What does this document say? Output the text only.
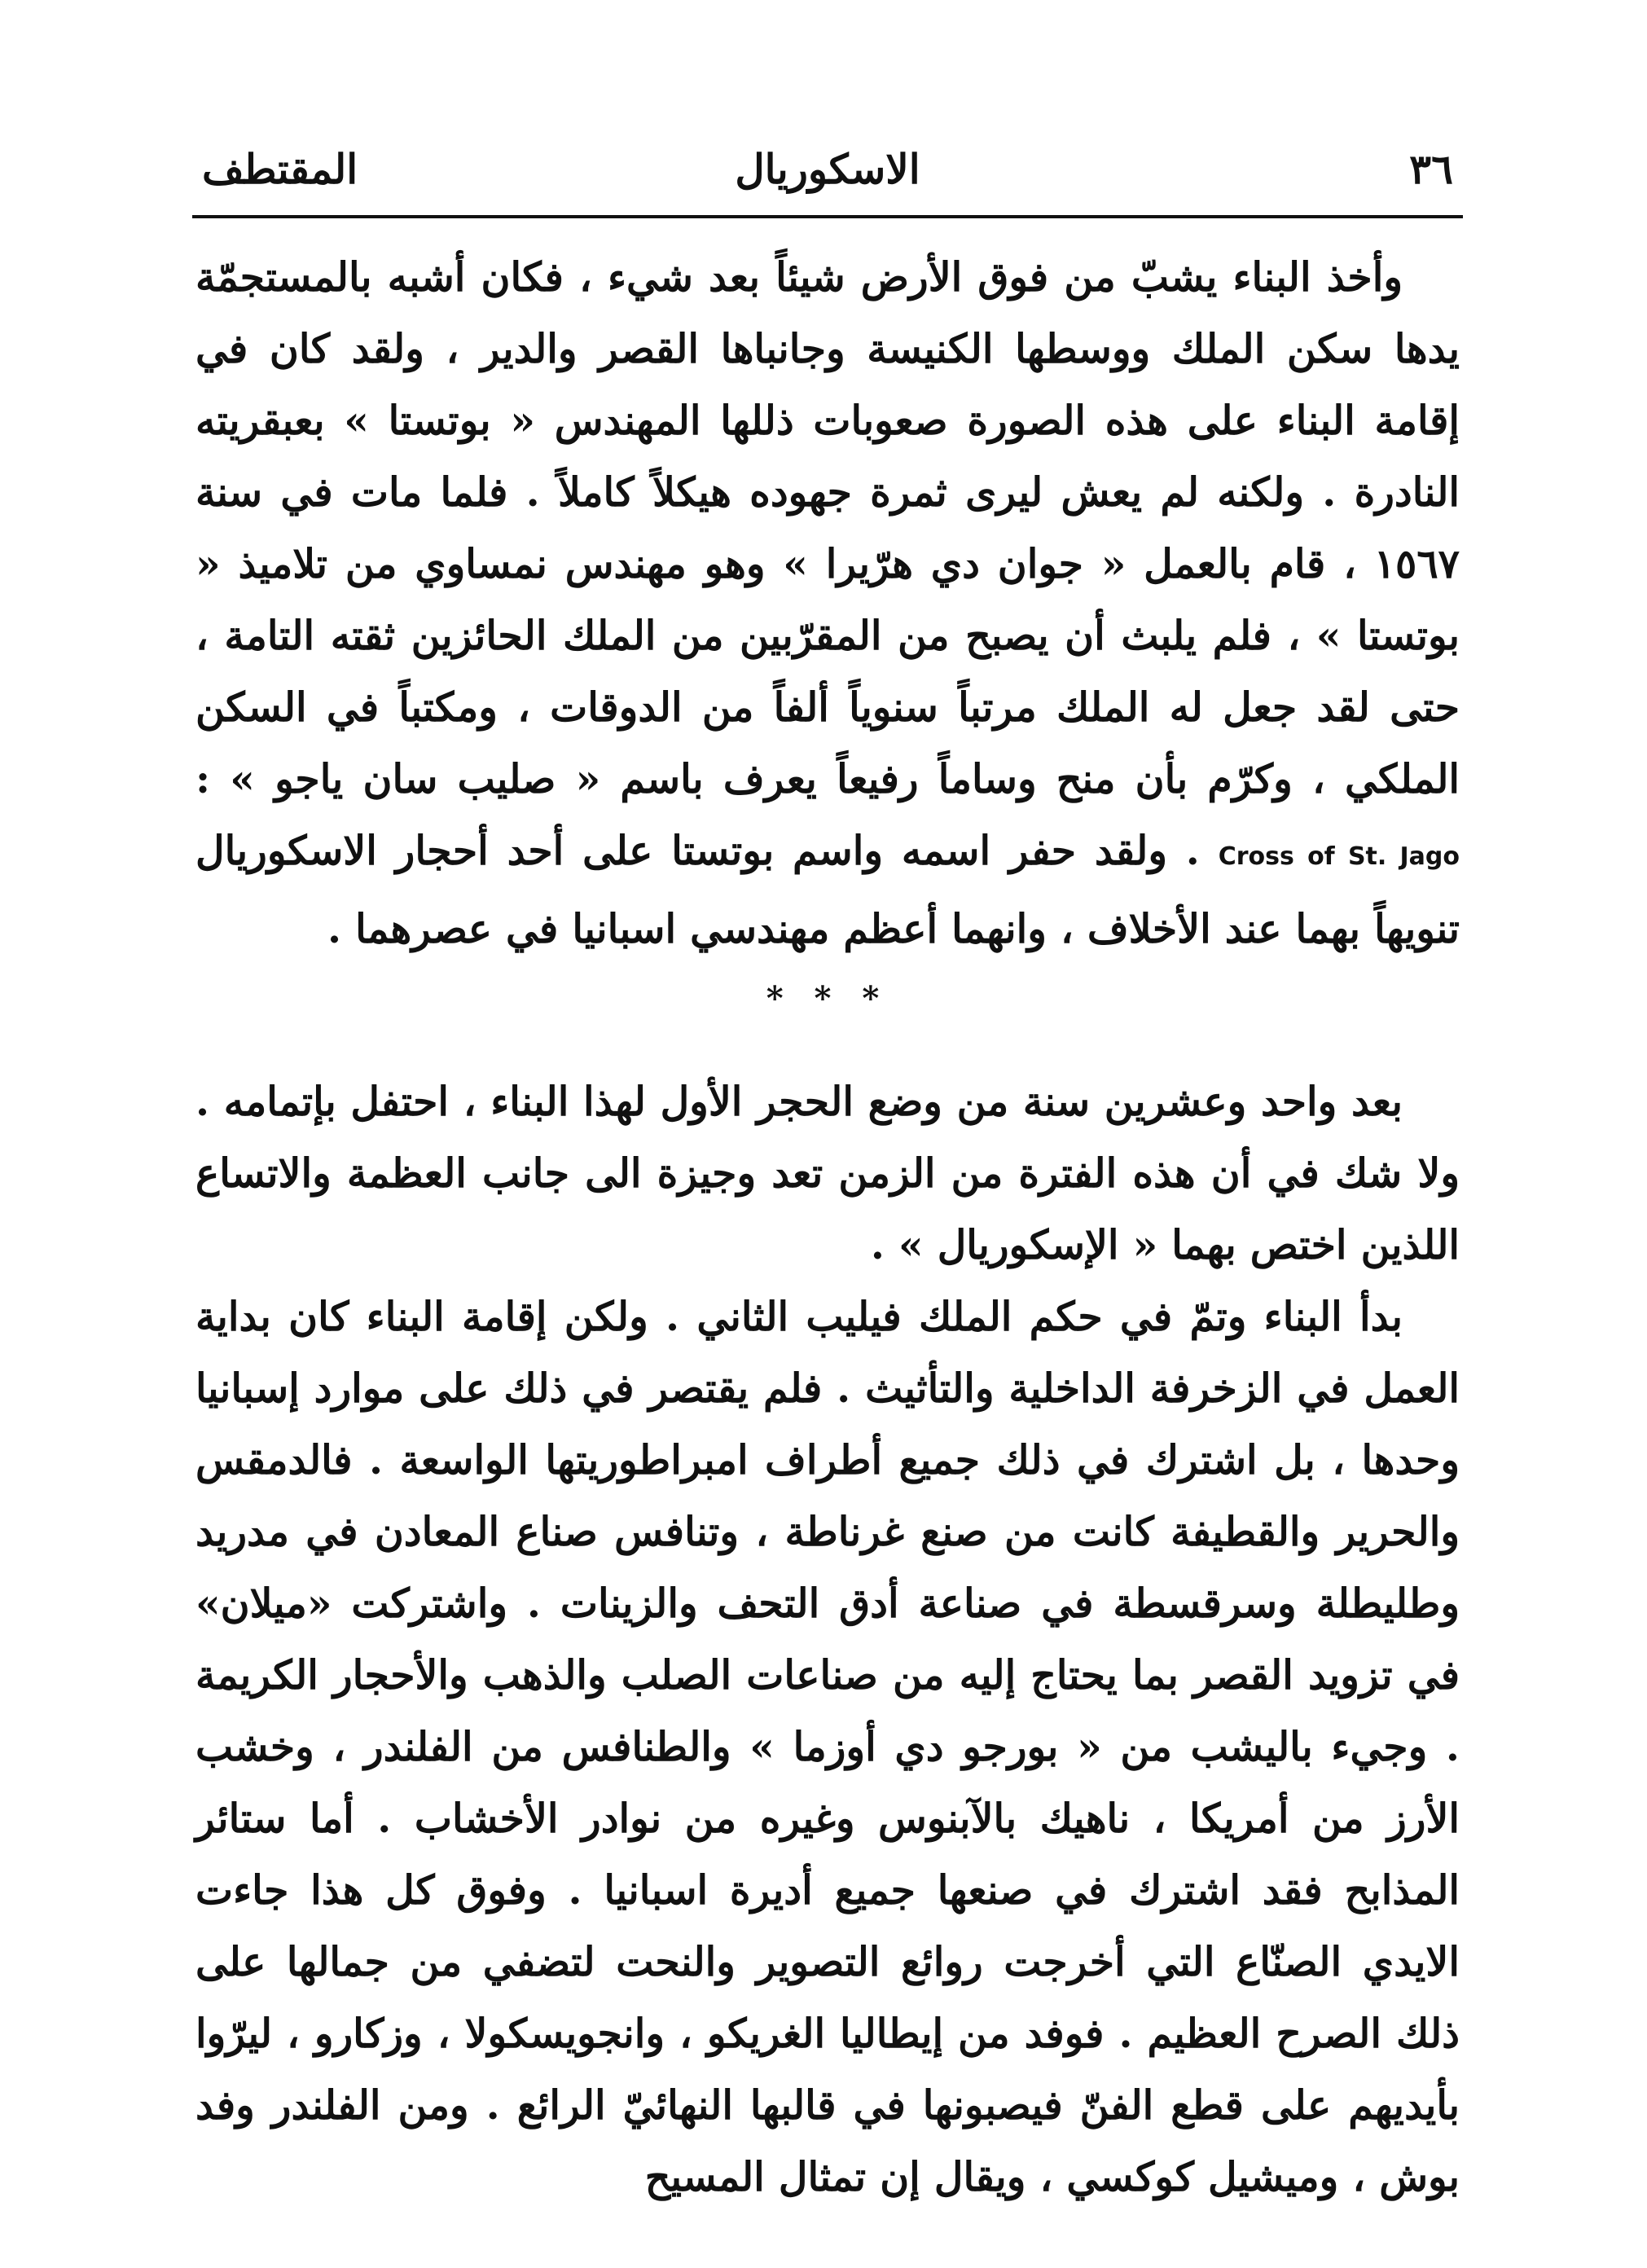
٣٦
الاسكوريال
المقتطف

وأخذ البناء يشبّ من فوق الأرض شيئاً بعد شيء ، فكان أشبه بالمستجمّة يدها سكن الملك ووسطها الكنيسة وجانباها القصر والدير ، ولقد كان في إقامة البناء على هذه الصورة صعوبات ذللها المهندس « بوتستا » بعبقريته النادرة . ولكنه لم يعش ليرى ثمرة جهوده هيكلاً كاملاً . فلما مات في سنة ١٥٦٧ ، قام بالعمل « جوان دي هرّيرا » وهو مهندس نمساوي من تلاميذ « بوتستا » ، فلم يلبث أن يصبح من المقرّبين من الملك الحائزين ثقته التامة ، حتى لقد جعل له الملك مرتباً سنوياً ألفاً من الدوقات ، ومكتباً في السكن الملكي ، وكرّم بأن منح وساماً رفيعاً يعرف باسم « صليب سان ياجو » : Cross of St. Jago . ولقد حفر اسمه واسم بوتستا على أحد أحجار الاسكوريال تنويهاً بهما عند الأخلاف ، وانهما أعظم مهندسي اسبانيا في عصرهما .

* * *

بعد واحد وعشرين سنة من وضع الحجر الأول لهذا البناء ، احتفل بإتمامه . ولا شك في أن هذه الفترة من الزمن تعد وجيزة الى جانب العظمة والاتساع اللذين اختص بهما « الإسكوريال » .

بدأ البناء وتمّ في حكم الملك فيليب الثاني . ولكن إقامة البناء كان بداية العمل في الزخرفة الداخلية والتأثيث . فلم يقتصر في ذلك على موارد إسبانيا وحدها ، بل اشترك في ذلك جميع أطراف امبراطوريتها الواسعة . فالدمقس والحرير والقطيفة كانت من صنع غرناطة ، وتنافس صناع المعادن في مدريد وطليطلة وسرقسطة في صناعة أدق التحف والزينات . واشتركت «ميلان» في تزويد القصر بما يحتاج إليه من صناعات الصلب والذهب والأحجار الكريمة . وجيء باليشب من « بورجو دي أوزما » والطنافس من الفلندر ، وخشب الأرز من أمريكا ، ناهيك بالآبنوس وغيره من نوادر الأخشاب . أما ستائر المذابح فقد اشترك في صنعها جميع أديرة اسبانيا . وفوق كل هذا جاءت الايدي الصنّاع التي أخرجت روائع التصوير والنحت لتضفي من جمالها على ذلك الصرح العظيم . فوفد من إيطاليا الغريكو ، وانجويسكولا ، وزكارو ، ليرّوا بأيديهم على قطع الفنّ فيصبونها في قالبها النهائيّ الرائع . ومن الفلندر وفد بوش ، وميشيل كوكسي ، ويقال إن تمثال المسيح
